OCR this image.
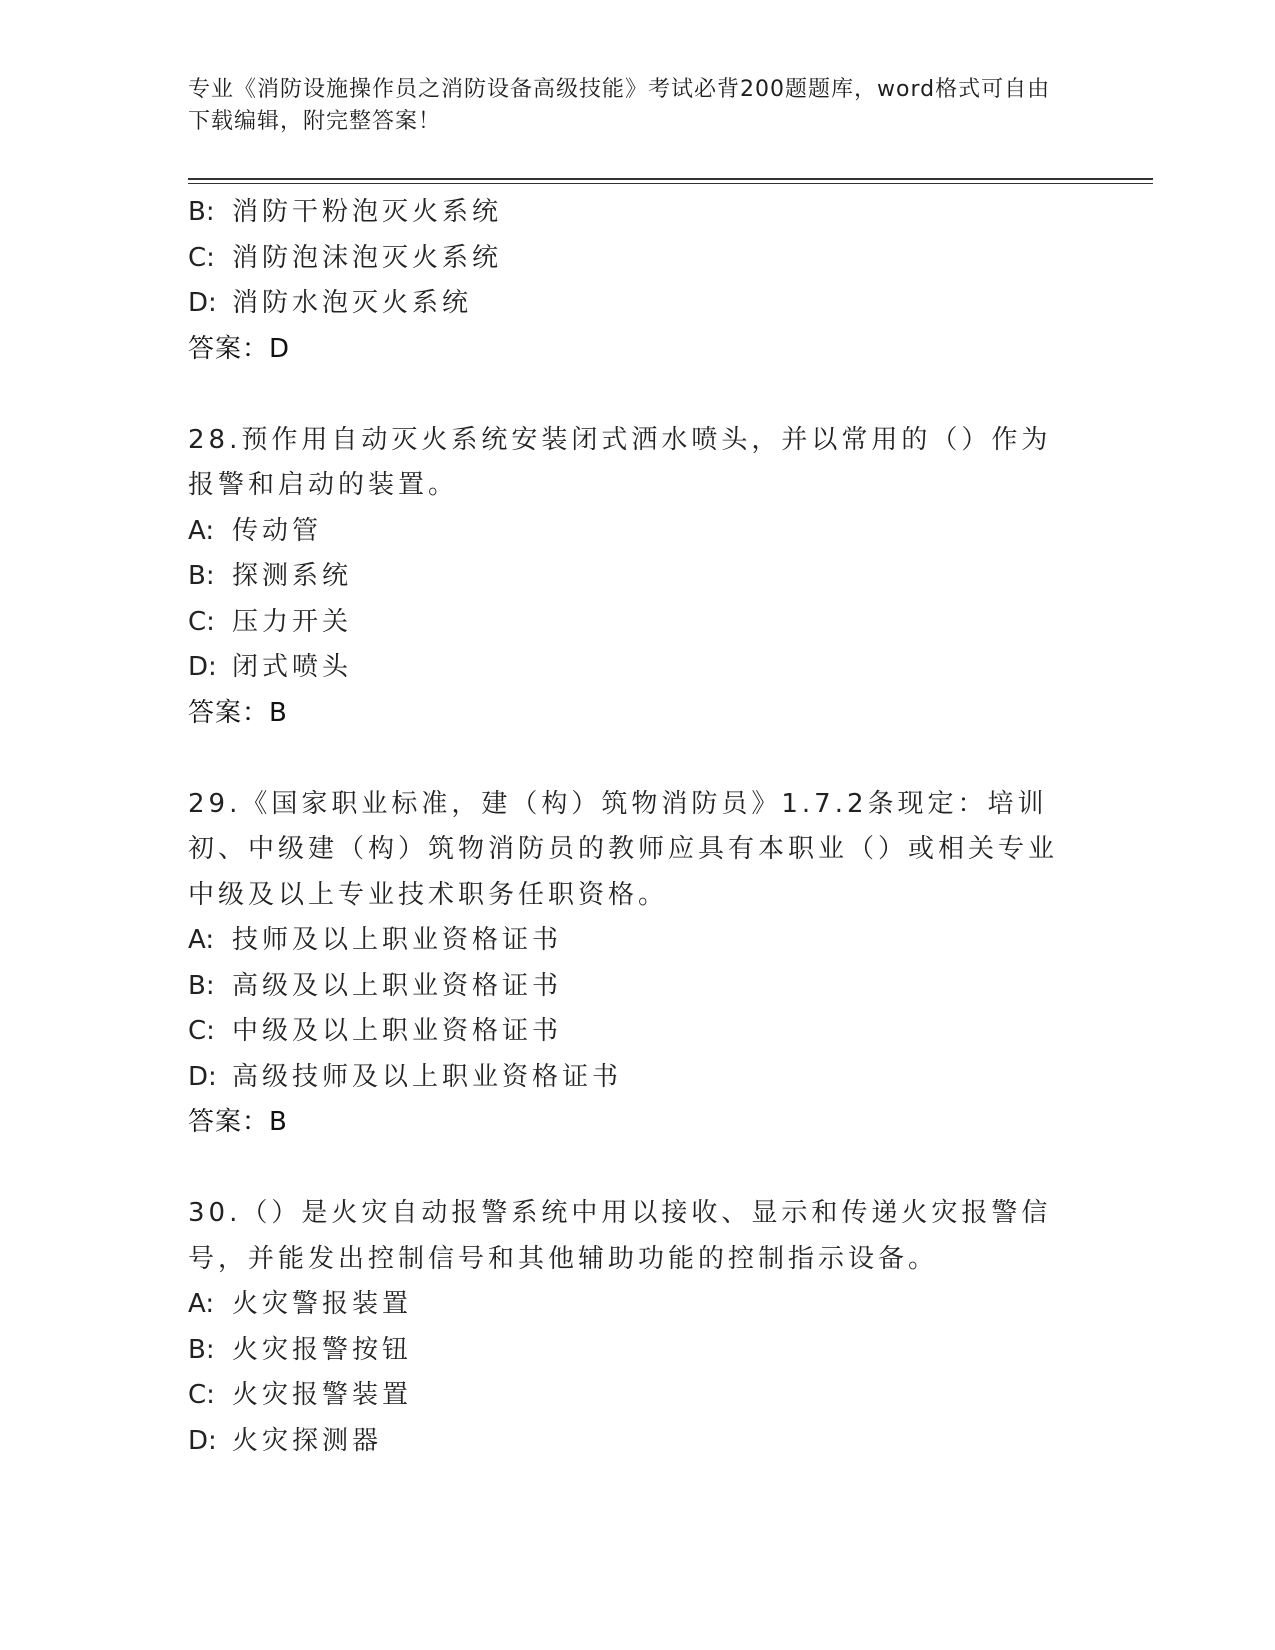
专业《消防设施操作员之消防设备高级技能》考试必背200题题库，word格式可自由下载编辑，附完整答案！
B: 消防干粉泡灭火系统
C: 消防泡沫泡灭火系统
D: 消防水泡灭火系统
答案：D
28.预作用自动灭火系统安装闭式洒水喷头，并以常用的（）作为报警和启动的装置。
A: 传动管
B: 探测系统
C: 压力开关
D: 闭式喷头
答案：B
29.《国家职业标准，建（构）筑物消防员》1.7.2条现定：培训初、中级建（构）筑物消防员的教师应具有本职业（）或相关专业中级及以上专业技术职务任职资格。
A: 技师及以上职业资格证书
B: 高级及以上职业资格证书
C: 中级及以上职业资格证书
D: 高级技师及以上职业资格证书
答案：B
30.（）是火灾自动报警系统中用以接收、显示和传递火灾报警信号，并能发出控制信号和其他辅助功能的控制指示设备。
A: 火灾警报装置
B: 火灾报警按钮
C: 火灾报警装置
D: 火灾探测器
